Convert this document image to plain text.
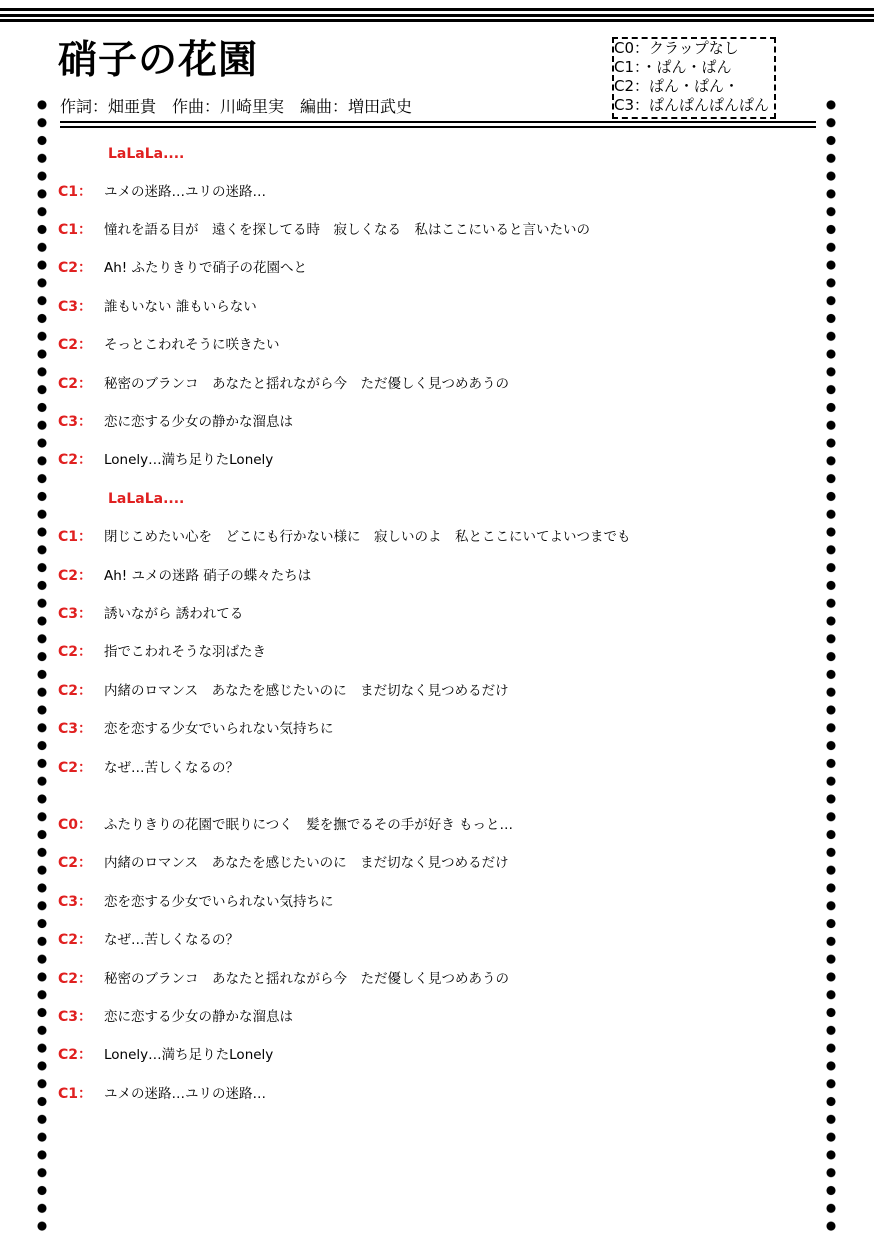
硝子の花園
作詞：畑亜貴　作曲：川崎里実　編曲：増田武史
C0：クラップなし
C1：・ぱん・ぱん
C2：ぱん・ぱん・
C3：ぱんぱんぱんぱん
LaLaLa....
C1： ユメの迷路…ユリの迷路…
C1： 憧れを語る目が　遠くを探してる時　寂しくなる　私はここにいると言いたいの
C2： Ah! ふたりきりで硝子の花園へと
C3： 誰もいない 誰もいらない
C2： そっとこわれそうに咲きたい
C2： 秘密のブランコ　あなたと揺れながら今　ただ優しく見つめあうの
C3： 恋に恋する少女の静かな溜息は
C2： Lonely…満ち足りたLonely
LaLaLa....
C1： 閉じこめたい心を　どこにも行かない様に　寂しいのよ　私とここにいてよいつまでも
C2： Ah! ユメの迷路 硝子の蝶々たちは
C3： 誘いながら 誘われてる
C2： 指でこわれそうな羽ばたき
C2： 内緒のロマンス　あなたを感じたいのに　まだ切なく見つめるだけ
C3： 恋を恋する少女でいられない気持ちに
C2： なぜ…苦しくなるの？
C0： ふたりきりの花園で眠りにつく　髪を撫でるその手が好き もっと…
C2： 内緒のロマンス　あなたを感じたいのに　まだ切なく見つめるだけ
C3： 恋を恋する少女でいられない気持ちに
C2： なぜ…苦しくなるの？
C2： 秘密のブランコ　あなたと揺れながら今　ただ優しく見つめあうの
C3： 恋に恋する少女の静かな溜息は
C2： Lonely…満ち足りたLonely
C1： ユメの迷路…ユリの迷路…
